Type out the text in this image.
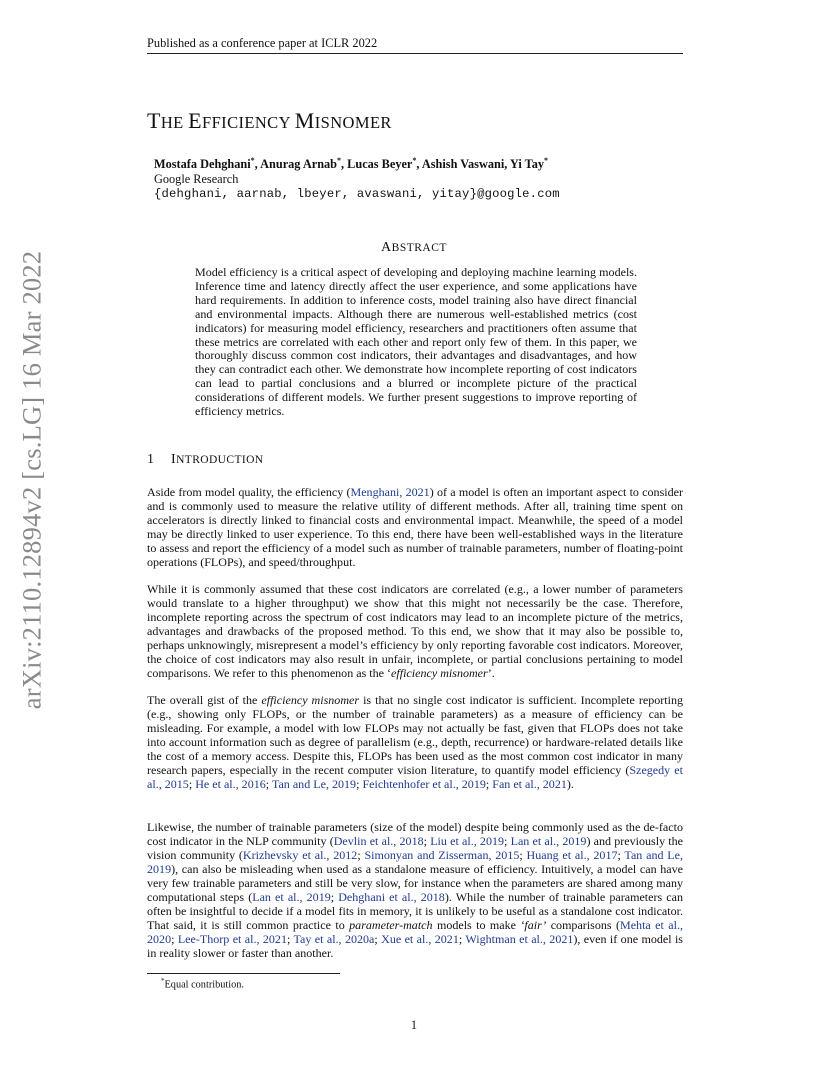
Published as a conference paper at ICLR 2022
arXiv:2110.12894v2 [cs.LG] 16 Mar 2022
THE EFFICIENCY MISNOMER
Mostafa Dehghani*, Anurag Arnab*, Lucas Beyer*, Ashish Vaswani, Yi Tay*
Google Research
{dehghani, aarnab, lbeyer, avaswani, yitay}@google.com
ABSTRACT
Model efficiency is a critical aspect of developing and deploying machine learning models. Inference time and latency directly affect the user experience, and some applications have hard requirements. In addition to inference costs, model training also have direct financial and environmental impacts. Although there are numerous well-established metrics (cost indicators) for measuring model efficiency, researchers and practitioners often assume that these metrics are correlated with each other and report only few of them. In this paper, we thoroughly discuss common cost indicators, their advantages and disadvantages, and how they can contradict each other. We demonstrate how incomplete reporting of cost indicators can lead to partial conclusions and a blurred or incomplete picture of the practical considerations of different models. We further present suggestions to improve reporting of efficiency metrics.
1 INTRODUCTION
Aside from model quality, the efficiency (Menghani, 2021) of a model is often an important aspect to consider and is commonly used to measure the relative utility of different methods. After all, training time spent on accelerators is directly linked to financial costs and environmental impact. Meanwhile, the speed of a model may be directly linked to user experience. To this end, there have been well-established ways in the literature to assess and report the efficiency of a model such as number of trainable parameters, number of floating-point operations (FLOPs), and speed/throughput.
While it is commonly assumed that these cost indicators are correlated (e.g., a lower number of parameters would translate to a higher throughput) we show that this might not necessarily be the case. Therefore, incomplete reporting across the spectrum of cost indicators may lead to an incomplete picture of the metrics, advantages and drawbacks of the proposed method. To this end, we show that it may also be possible to, perhaps unknowingly, misrepresent a model’s efficiency by only reporting favorable cost indicators. Moreover, the choice of cost indicators may also result in unfair, incomplete, or partial conclusions pertaining to model comparisons. We refer to this phenomenon as the ‘efficiency misnomer’.
The overall gist of the efficiency misnomer is that no single cost indicator is sufficient. Incomplete reporting (e.g., showing only FLOPs, or the number of trainable parameters) as a measure of efficiency can be misleading. For example, a model with low FLOPs may not actually be fast, given that FLOPs does not take into account information such as degree of parallelism (e.g., depth, recurrence) or hardware-related details like the cost of a memory access. Despite this, FLOPs has been used as the most common cost indicator in many research papers, especially in the recent computer vision literature, to quantify model efficiency (Szegedy et al., 2015; He et al., 2016; Tan and Le, 2019; Feichtenhofer et al., 2019; Fan et al., 2021).
Likewise, the number of trainable parameters (size of the model) despite being commonly used as the de-facto cost indicator in the NLP community (Devlin et al., 2018; Liu et al., 2019; Lan et al., 2019) and previously the vision community (Krizhevsky et al., 2012; Simonyan and Zisserman, 2015; Huang et al., 2017; Tan and Le, 2019), can also be misleading when used as a standalone measure of efficiency. Intuitively, a model can have very few trainable parameters and still be very slow, for instance when the parameters are shared among many computational steps (Lan et al., 2019; Dehghani et al., 2018). While the number of trainable parameters can often be insightful to decide if a model fits in memory, it is unlikely to be useful as a standalone cost indicator. That said, it is still common practice to parameter-match models to make ‘fair’ comparisons (Mehta et al., 2020; Lee-Thorp et al., 2021; Tay et al., 2020a; Xue et al., 2021; Wightman et al., 2021), even if one model is in reality slower or faster than another.
*Equal contribution.
1
